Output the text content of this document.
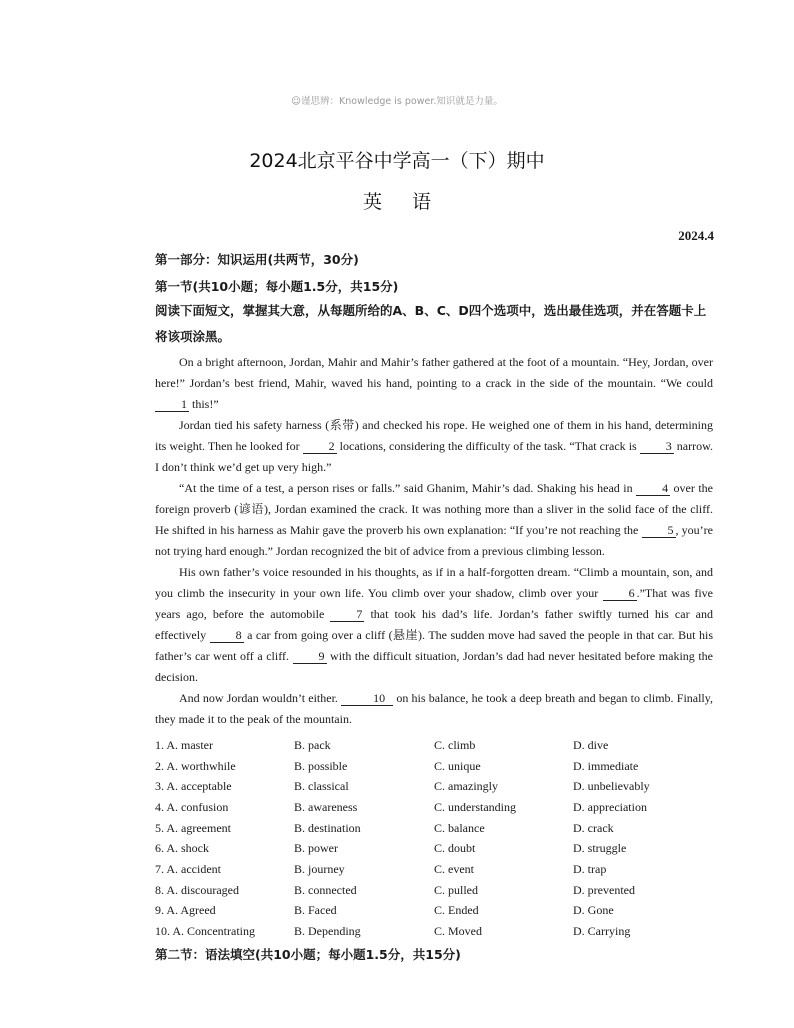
☺谨思辨：Knowledge is power.知识就是力量。
2024北京平谷中学高一（下）期中
英语
2024.4
第一部分：知识运用(共两节，30分)
第一节(共10小题；每小题1.5分，共15分)
阅读下面短文，掌握其大意，从每题所给的A、B、C、D四个选项中，选出最佳选项，并在答题卡上将该项涂黑。

On a bright afternoon, Jordan, Mahir and Mahir’s father gathered at the foot of a mountain. “Hey, Jordan, over here!” Jordan’s best friend, Mahir, waved his hand, pointing to a crack in the side of the mountain. “We could 1 this!”

Jordan tied his safety harness (系带) and checked his rope. He weighed one of them in his hand, determining its weight. Then he looked for 2 locations, considering the difficulty of the task. “That crack is 3 narrow. I don’t think we’d get up very high.”

“At the time of a test, a person rises or falls.” said Ghanim, Mahir’s dad. Shaking his head in 4 over the foreign proverb (谚语), Jordan examined the crack. It was nothing more than a sliver in the solid face of the cliff. He shifted in his harness as Mahir gave the proverb his own explanation: “If you’re not reaching the 5 , you’re not trying hard enough.” Jordan recognized the bit of advice from a previous climbing lesson.

His own father’s voice resounded in his thoughts, as if in a half-forgotten dream. “Climb a mountain, son, and you climb the insecurity in your own life. You climb over your shadow, climb over your 6 .”That was five years ago, before the automobile 7 that took his dad’s life. Jordan’s father swiftly turned his car and effectively 8 a car from going over a cliff (悬崖). The sudden move had saved the people in that car. But his father’s car went off a cliff. 9 with the difficult situation, Jordan’s dad had never hesitated before making the decision.

And now Jordan wouldn’t either.	10 on his balance, he took a deep breath and began to climb. Finally, they made it to the peak of the mountain.

1. A. master	B. pack	C. climb	D. dive
2. A. worthwhile	B. possible	C. unique	D. immediate
3. A. acceptable	B. classical	C. amazingly	D. unbelievably
4. A. confusion	B. awareness	C. understanding	D. appreciation
5. A. agreement	B. destination	C. balance	D. crack
6. A. shock	B. power	C. doubt	D. struggle
7. A. accident	B. journey	C. event	D. trap
8. A. discouraged	B. connected	C. pulled	D. prevented
9. A. Agreed	B. Faced	C. Ended	D. Gone
10. A. Concentrating	B. Depending	C. Moved	D. Carrying
第二节：语法填空(共10小题；每小题1.5分，共15分)
